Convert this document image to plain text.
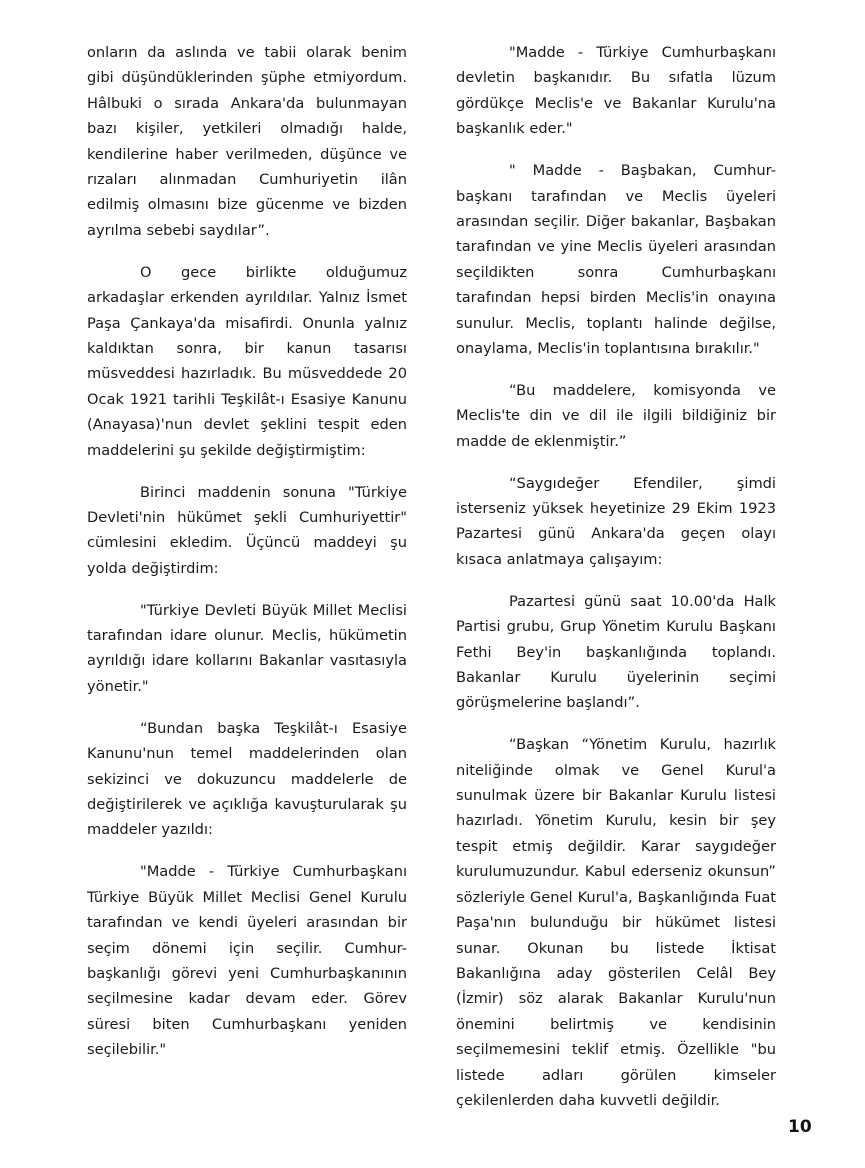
onların da aslında ve tabii olarak benim gibi düşündüklerinden şüphe etmiyordum. Hâlbuki o sırada Ankara'da bulunmayan bazı kişiler, yetkileri olmadığı halde, kendilerine haber verilmeden, düşünce ve rızaları alınmadan Cumhuriyetin ilân edilmiş olmasını bize gücenme ve bizden ayrılma sebebi saydılar”.

O gece birlikte olduğumuz arkadaşlar erkenden ayrıldılar. Yalnız İsmet Paşa Çankaya'da misafirdi. Onunla yalnız kaldıktan sonra, bir kanun tasarısı müsveddesi hazırladık. Bu müsveddede 20 Ocak 1921 tarihli Teşkilât-ı Esasiye Kanunu (Anayasa)'nun devlet şeklini tespit eden maddelerini şu şekilde değiştirmiştim:

Birinci maddenin sonuna "Türkiye Devleti'nin hükümet şekli Cumhuriyettir" cümlesini ekledim. Üçüncü maddeyi şu yolda değiştirdim:

"Türkiye Devleti Büyük Millet Meclisi tarafından idare olunur. Meclis, hükümetin ayrıldığı idare kollarını Bakanlar vasıtasıyla yönetir."

“Bundan başka Teşkilât-ı Esasiye Kanunu'nun temel maddelerinden olan sekizinci ve dokuzuncu maddelerle de değiştirilerek ve açıklığa kavuşturularak şu maddeler yazıldı:

"Madde - Türkiye Cumhurbaşkanı Türkiye Büyük Millet Meclisi Genel Kurulu tarafından ve kendi üyeleri arasından bir seçim dönemi için seçilir. Cumhur-başkanlığı görevi yeni Cumhurbaşkanının seçilmesine kadar devam eder. Görev süresi biten Cumhurbaşkanı yeniden seçilebilir."

"Madde - Türkiye Cumhurbaşkanı devletin başkanıdır. Bu sıfatla lüzum gördükçe Meclis'e ve Bakanlar Kurulu'na başkanlık eder."

" Madde - Başbakan, Cumhur-başkanı tarafından ve Meclis üyeleri arasından seçilir. Diğer bakanlar, Başbakan tarafından ve yine Meclis üyeleri arasından seçildikten sonra Cumhurbaşkanı tarafından hepsi birden Meclis'in onayına sunulur. Meclis, toplantı halinde değilse, onaylama, Meclis'in toplantısına bırakılır."

“Bu maddelere, komisyonda ve Meclis'te din ve dil ile ilgili bildiğiniz bir madde de eklenmiştir.”

“Saygıdeğer Efendiler, şimdi isterseniz yüksek heyetinize 29 Ekim 1923 Pazartesi günü Ankara'da geçen olayı kısaca anlatmaya çalışayım:

Pazartesi günü saat 10.00'da Halk Partisi grubu, Grup Yönetim Kurulu Başkanı Fethi Bey'in başkanlığında toplandı. Bakanlar Kurulu üyelerinin seçimi görüşmelerine başlandı”.

“Başkan “Yönetim Kurulu, hazırlık niteliğinde olmak ve Genel Kurul'a sunulmak üzere bir Bakanlar Kurulu listesi hazırladı. Yönetim Kurulu, kesin bir şey tespit etmiş değildir. Karar saygıdeğer kurulumuzundur. Kabul ederseniz okunsun” sözleriyle Genel Kurul'a, Başkanlığında Fuat Paşa'nın bulunduğu bir hükümet listesi sunar. Okunan bu listede İktisat Bakanlığına aday gösterilen Celâl Bey (İzmir) söz alarak Bakanlar Kurulu'nun önemini belirtmiş ve kendisinin seçilmemesini teklif etmiş. Özellikle "bu listede adları görülen kimseler çekilenlerden daha kuvvetli değildir.

10
